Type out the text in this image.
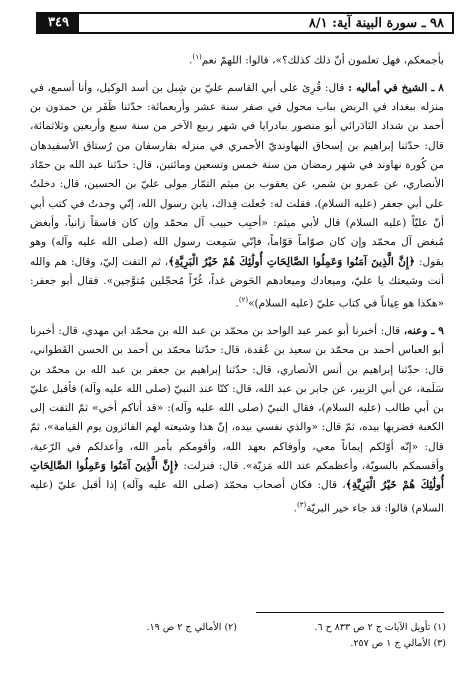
٩٨ ـ سورة البينة آية: ٨/١
٣٤٩

بأجمعكم، فهل تعلمون أنّ ذلك كذلك؟»، قالوا: اللهمّ نعم$^{(١)}$.

٨ ـ الشيخ في أماليه : قال: قُرِئ على أبي القاسم عليّ بن شِبل بن أسد الوكيل، وأنا أسمع، في منزله ببغداد في الربض بباب محول في صفر سنة عشر وأربعمائة: حدّثنا ظَفَر بن حمدون بن أحمد بن شداد البَادَرائي أبو منصور ببادرايا في شهر ربيع الآخر من سنة سبع وأربعين وثلاثمائة، قال: حدّثنا إبراهيم بن إسحاق النهاونديّ الأحمري في منزله بفارسفان من رُستاق الأسفيدهان من كُورة نهاوند في شهر رمضان من سنة خمس وتسعين ومائتين، قال: حدّثنا عبد الله بن حمّاد الأنصاري، عن عمرو بن شمر، عن يعقوب بن ميثم التمّار مولى عليّ بن الحسين، قال: دخلتُ على أبي جعفر (عليه السلام)، فقلت له: جُعلت فِداك، يابن رسول الله، إنّي وجدتُ في كتب أبي أنّ عليّاً (عليه السلام) قال لأبي ميثم: «أحبِب حبيب آل محمّد وإن كان فاسقاً زانياً، وأبغض مُبغض آل محمّد وإن كان صوّاماً قوّاماً، فإنّي سَمِعت رسول الله (صلى الله عليه وآله) وهو يقول: ﴿إِنَّ الَّذِينَ آمَنُوا وَعَمِلُوا الصَّالِحَاتِ أُولَٰئِكَ هُمْ خَيْرُ الْبَرِيَّةِ﴾، ثم التفت إليّ، وقال: هم والله أنت وشيعتك يا عليّ، وميعادك وميعادهم الحَوض غداً، غُرّاً مُحجّلين مُتوَّجين». فقال أبو جعفر: «هكذا هو عِياناً في كتاب عليّ (عليه السلام)»$^{(٢)}$.

٩ ـ وعنه، قال: أخبرنا أبو عمر عبد الواحد بن محمّد بن عبد الله بن محمّد ابن مهدي، قال: أخبرنا أبو العباس أحمد بن محمّد بن سعيد بن عُقدة، قال: حدّثنا محمّد بن أحمد بن الحسن القَطواني، قال: حدّثنا إبراهيم بن أنس الأنصاري، قال: حدّثنا إبراهيم بن جعفر بن عبد الله بن محمّد بن سَلَمة، عن أبي الزبير، عن جابر بن عبد الله، قال: كنّا عند النبيّ (صلى الله عليه وآله) فأقبل عليّ بن أبي طالب (عليه السلام)، فقال النبيّ (صلى الله عليه وآله): «قد أتاكم أخي» ثمّ التفت إلى الكعبة فضربها بيده، ثمّ قال: «والذي نفسي بيده، إنّ هذا وشيعته لهم الفائزون يوم القيامة»، ثمّ قال: «إنّه أوّلكم إيماناً معي، وأوفاكم بعهد الله، وأقومكم بأمر الله، وأعدلكم في الرّعية، وأقسمكم بالسويّة، وأعظمكم عند الله مَزيّة». قال: فنزلت: ﴿إِنَّ الَّذِينَ آمَنُوا وَعَمِلُوا الصَّالِحَاتِ أُولَٰئِكَ هُمْ خَيْرُ الْبَرِيَّةِ﴾، قال: فكان أصحاب محمّد (صلى الله عليه وآله) إذا أقبل عليّ (عليه السلام) قالوا: قد جاء خير البريّة$^{(٣)}$.

(١) تأويل الآيات ج ٢ ص ٨٣٣ ح ٦.
(٢) الأمالي ج ٢ ص ١٩.
(٣) الأمالي ج ١ ص ٢٥٧.
